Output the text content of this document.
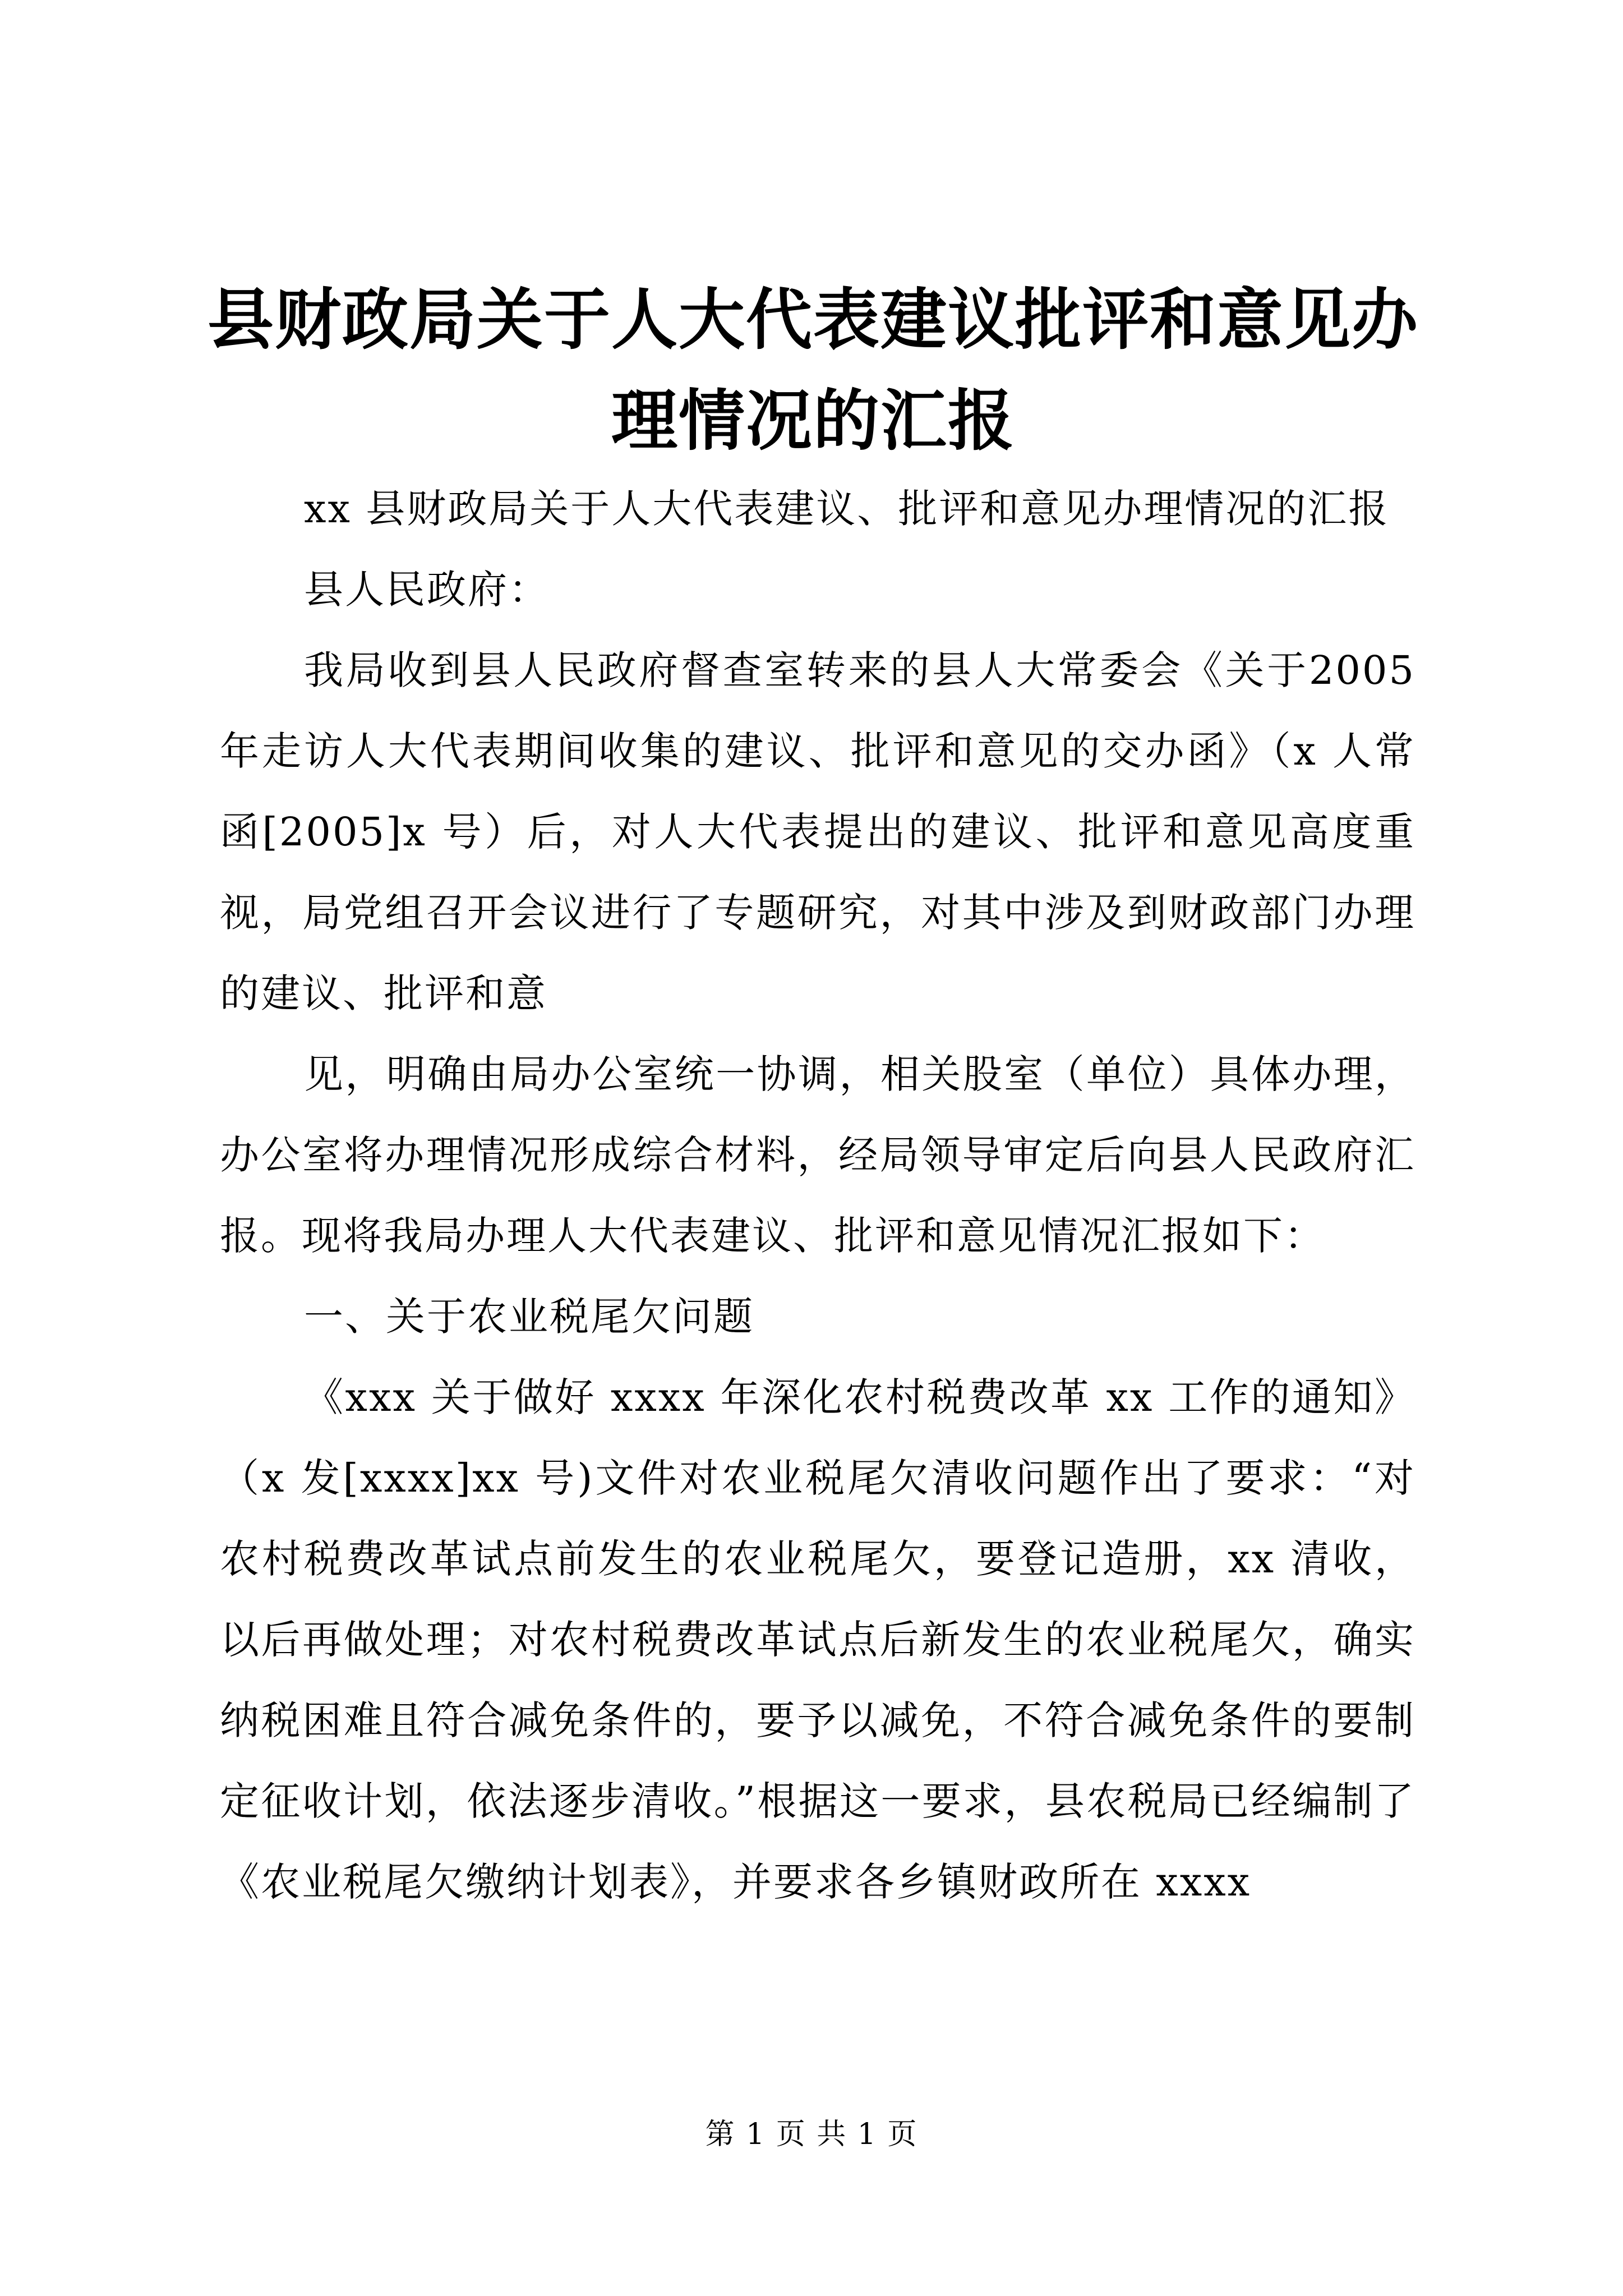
县财政局关于人大代表建议批评和意见办理情况的汇报

xx 县财政局关于人大代表建议、批评和意见办理情况的汇报

县人民政府：

我局收到县人民政府督查室转来的县人大常委会《关于2005年走访人大代表期间收集的建议、批评和意见的交办函》（x 人常函[2005]x 号）后，对人大代表提出的建议、批评和意见高度重视，局党组召开会议进行了专题研究，对其中涉及到财政部门办理的建议、批评和意

见，明确由局办公室统一协调，相关股室（单位）具体办理，办公室将办理情况形成综合材料，经局领导审定后向县人民政府汇报。现将我局办理人大代表建议、批评和意见情况汇报如下：

一、关于农业税尾欠问题

《xxx 关于做好 xxxx 年深化农村税费改革 xx 工作的通知》（x 发[xxxx]xx 号)文件对农业税尾欠清收问题作出了要求：“对农村税费改革试点前发生的农业税尾欠，要登记造册，xx 清收，以后再做处理；对农村税费改革试点后新发生的农业税尾欠，确实纳税困难且符合减免条件的，要予以减免，不符合减免条件的要制定征收计划，依法逐步清收。”根据这一要求，县农税局已经编制了《农业税尾欠缴纳计划表》，并要求各乡镇财政所在 xxxx

第 1 页 共 1 页
